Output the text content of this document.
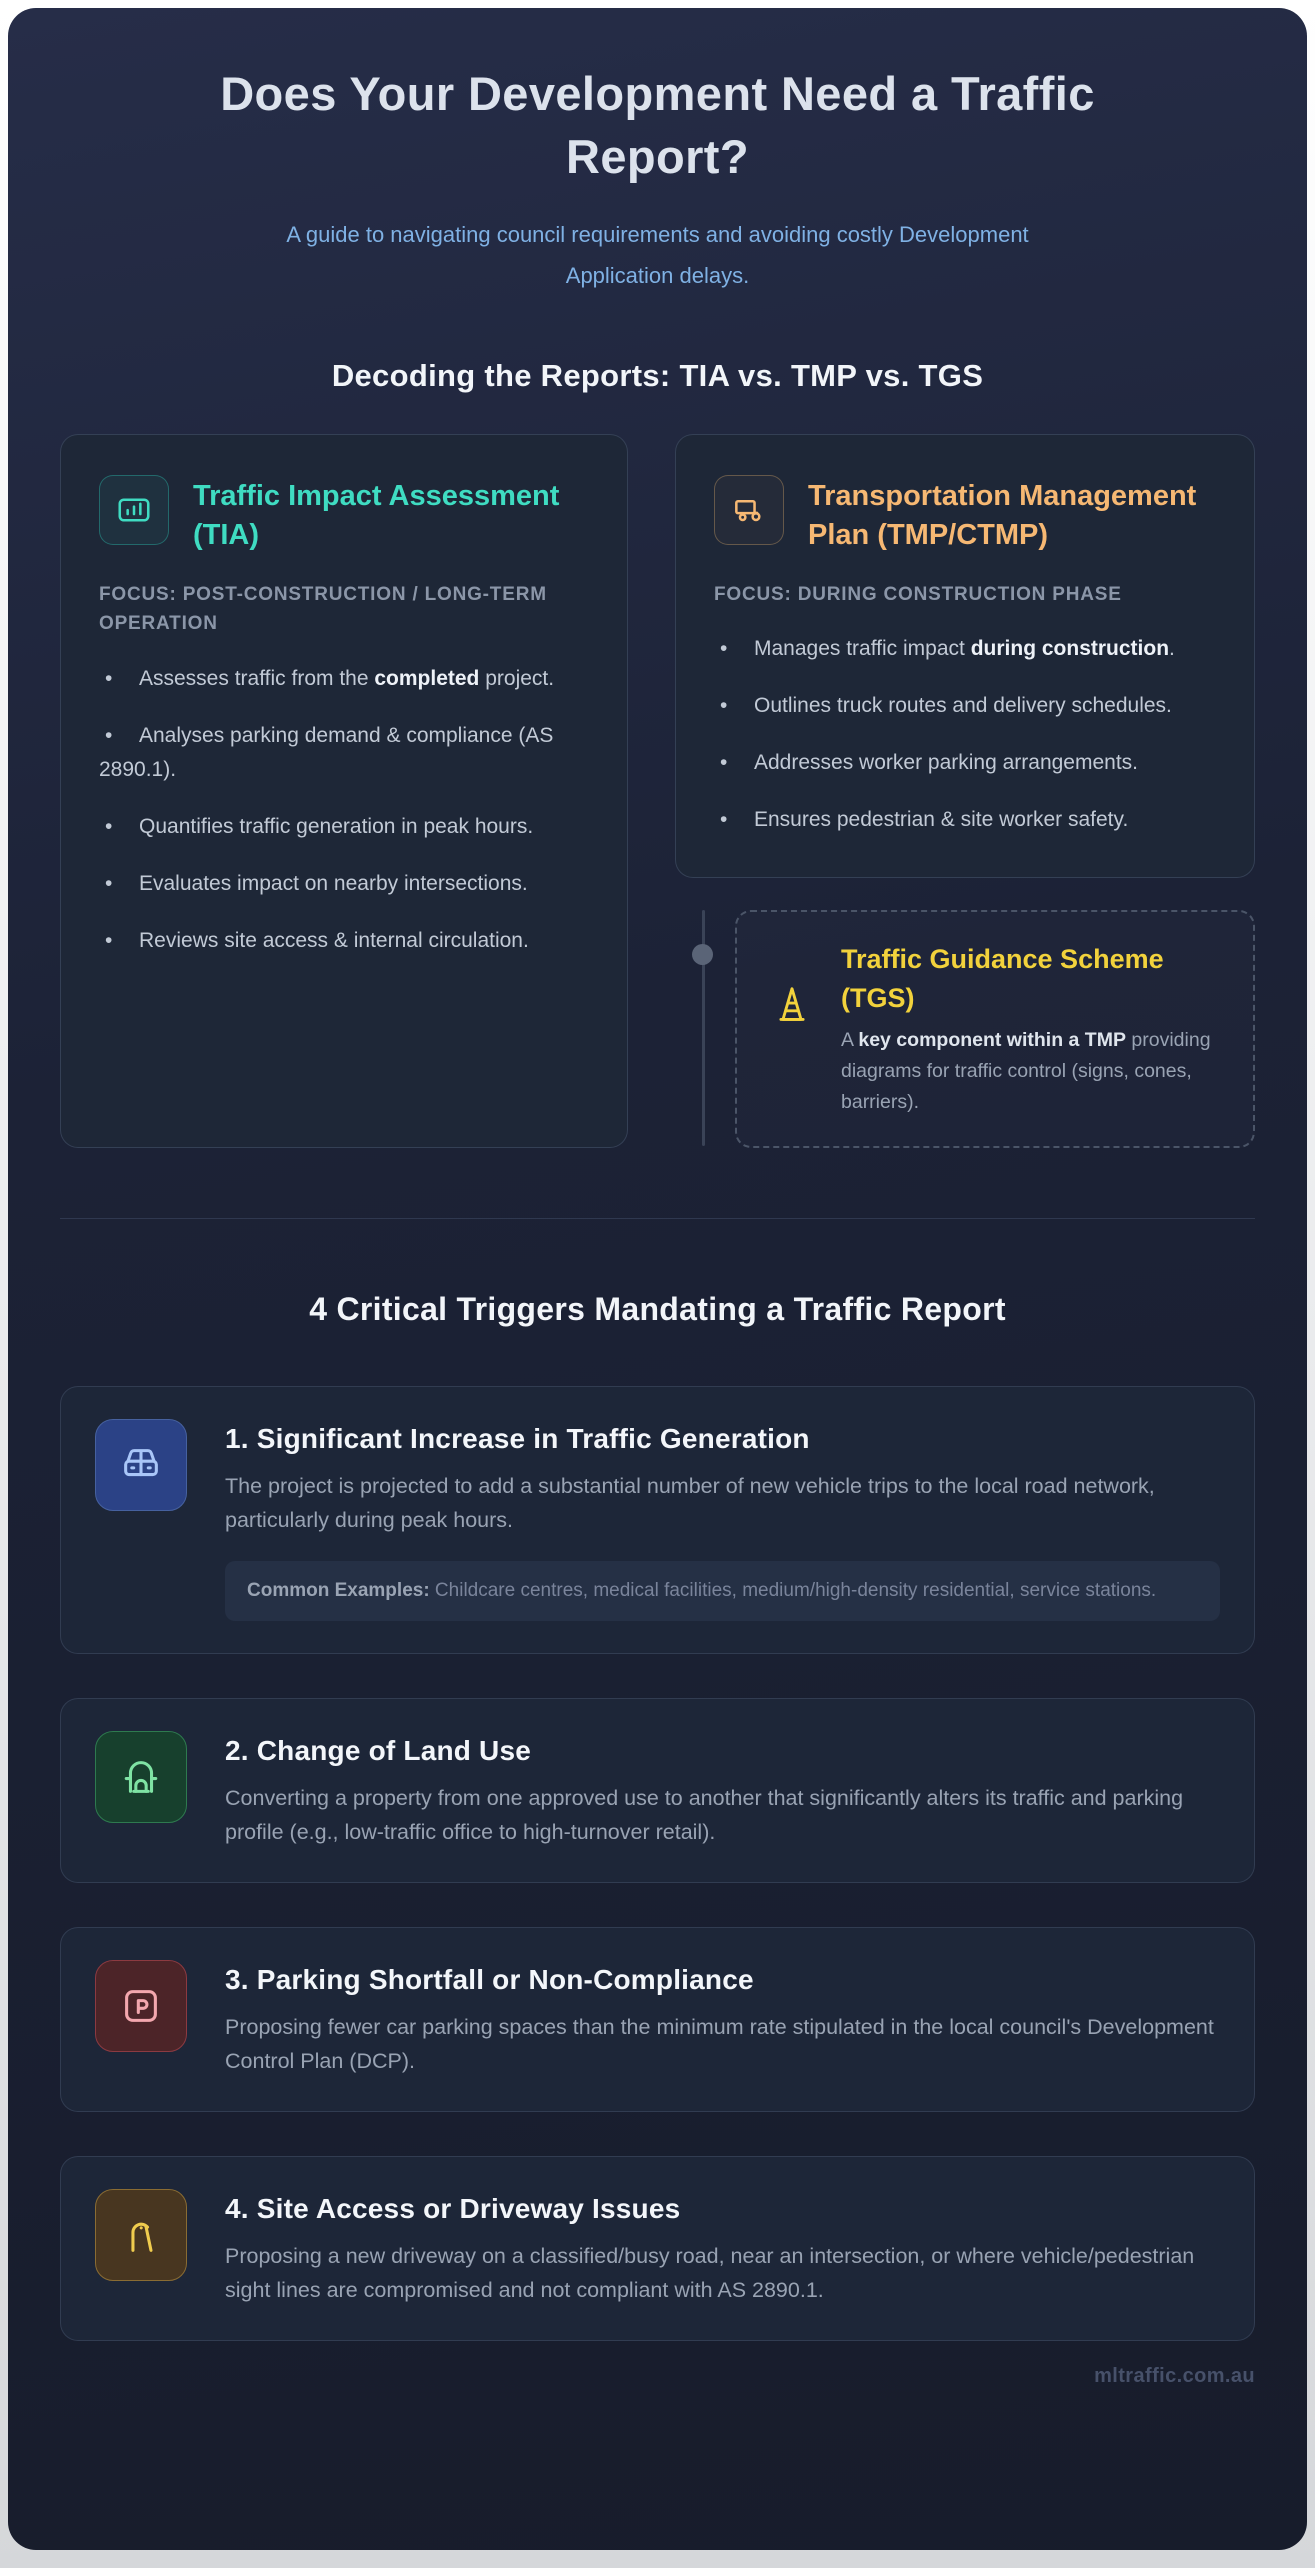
Does Your Development Need a Traffic Report?

A guide to navigating council requirements and avoiding costly Development Application delays.

Decoding the Reports: TIA vs. TMP vs. TGS
Traffic Impact Assessment (TIA)
FOCUS: POST-CONSTRUCTION / LONG-TERM OPERATION

• Assesses traffic from the completed project.

• Analyses parking demand & compliance (AS 2890.1).

• Quantifies traffic generation in peak hours.

• Evaluates impact on nearby intersections.

• Reviews site access & internal circulation.

Transportation Management Plan (TMP/CTMP)
FOCUS: DURING CONSTRUCTION PHASE

• Manages traffic impact during construction.

• Outlines truck routes and delivery schedules.

• Addresses worker parking arrangements.

• Ensures pedestrian & site worker safety.

Traffic Guidance Scheme (TGS)
A key component within a TMP providing diagrams for traffic control (signs, cones, barriers).
4 Critical Triggers Mandating a Traffic Report
1. Significant Increase in Traffic Generation
The project is projected to add a substantial number of new vehicle trips to the local road network, particularly during peak hours.
Common Examples: Childcare centres, medical facilities, medium/high-density residential, service stations.
2. Change of Land Use
Converting a property from one approved use to another that significantly alters its traffic and parking profile (e.g., low-traffic office to high-turnover retail).
3. Parking Shortfall or Non-Compliance
Proposing fewer car parking spaces than the minimum rate stipulated in the local council's Development Control Plan (DCP).
4. Site Access or Driveway Issues
Proposing a new driveway on a classified/busy road, near an intersection, or where vehicle/pedestrian sight lines are compromised and not compliant with AS 2890.1.
mltraffic.com.au
